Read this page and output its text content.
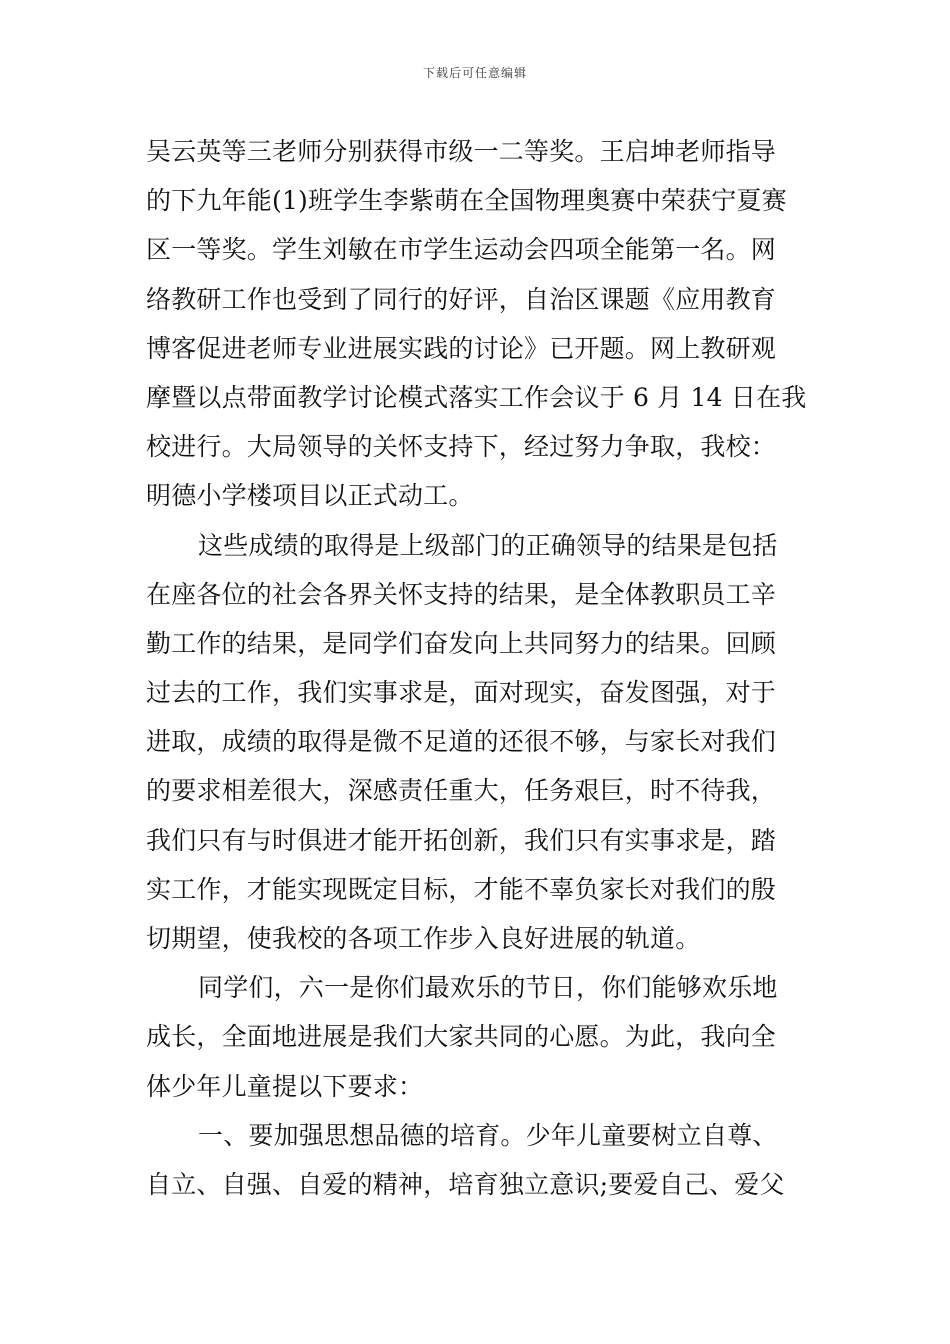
下载后可任意编辑
吴云英等三老师分别获得市级一二等奖。王启坤老师指导
的下九年能(1)班学生李紫萌在全国物理奥赛中荣获宁夏赛
区一等奖。学生刘敏在市学生运动会四项全能第一名。网
络教研工作也受到了同行的好评，自治区课题《应用教育
博客促进老师专业进展实践的讨论》已开题。网上教研观
摩暨以点带面教学讨论模式落实工作会议于 6 月 14 日在我
校进行。大局领导的关怀支持下，经过努力争取，我校：
明德小学楼项目以正式动工。
这些成绩的取得是上级部门的正确领导的结果是包括
在座各位的社会各界关怀支持的结果，是全体教职员工辛
勤工作的结果，是同学们奋发向上共同努力的结果。回顾
过去的工作，我们实事求是，面对现实，奋发图强，对于
进取，成绩的取得是微不足道的还很不够，与家长对我们
的要求相差很大，深感责任重大，任务艰巨，时不待我，
我们只有与时俱进才能开拓创新，我们只有实事求是，踏
实工作，才能实现既定目标，才能不辜负家长对我们的殷
切期望，使我校的各项工作步入良好进展的轨道。
同学们，六一是你们最欢乐的节日，你们能够欢乐地
成长，全面地进展是我们大家共同的心愿。为此，我向全
体少年儿童提以下要求：
一、要加强思想品德的培育。少年儿童要树立自尊、
自立、自强、自爱的精神，培育独立意识;要爱自己、爱父
